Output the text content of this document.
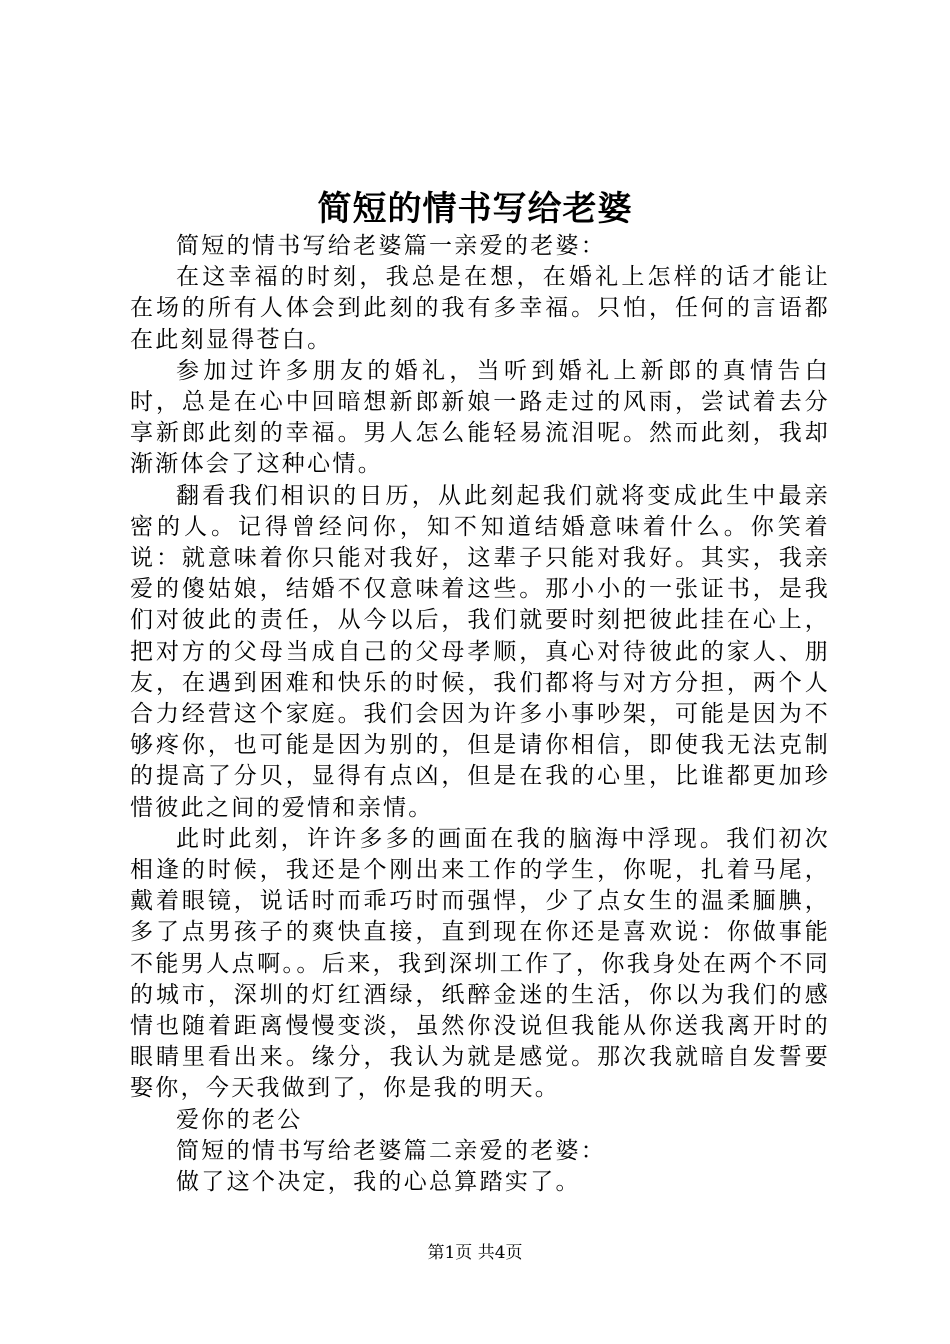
简短的情书写给老婆

简短的情书写给老婆篇一亲爱的老婆：

在这幸福的时刻，我总是在想，在婚礼上怎样的话才能让在场的所有人体会到此刻的我有多幸福。只怕，任何的言语都在此刻显得苍白。

参加过许多朋友的婚礼，当听到婚礼上新郎的真情告白时，总是在心中回暗想新郎新娘一路走过的风雨，尝试着去分享新郎此刻的幸福。男人怎么能轻易流泪呢。然而此刻，我却渐渐体会了这种心情。

翻看我们相识的日历，从此刻起我们就将变成此生中最亲密的人。记得曾经问你，知不知道结婚意味着什么。你笑着说：就意味着你只能对我好，这辈子只能对我好。其实，我亲爱的傻姑娘，结婚不仅意味着这些。那小小的一张证书，是我们对彼此的责任，从今以后，我们就要时刻把彼此挂在心上，把对方的父母当成自己的父母孝顺，真心对待彼此的家人、朋友，在遇到困难和快乐的时候，我们都将与对方分担，两个人合力经营这个家庭。我们会因为许多小事吵架，可能是因为不够疼你，也可能是因为别的，但是请你相信，即使我无法克制的提高了分贝，显得有点凶，但是在我的心里，比谁都更加珍惜彼此之间的爱情和亲情。

此时此刻，许许多多的画面在我的脑海中浮现。我们初次相逢的时候，我还是个刚出来工作的学生，你呢，扎着马尾，戴着眼镜，说话时而乖巧时而强悍，少了点女生的温柔腼腆，多了点男孩子的爽快直接，直到现在你还是喜欢说：你做事能不能男人点啊。。后来，我到深圳工作了，你我身处在两个不同的城市，深圳的灯红酒绿，纸醉金迷的生活，你以为我们的感情也随着距离慢慢变淡，虽然你没说但我能从你送我离开时的眼睛里看出来。缘分，我认为就是感觉。那次我就暗自发誓要娶你，今天我做到了，你是我的明天。

爱你的老公

简短的情书写给老婆篇二亲爱的老婆：

做了这个决定，我的心总算踏实了。

第1页 共4页
